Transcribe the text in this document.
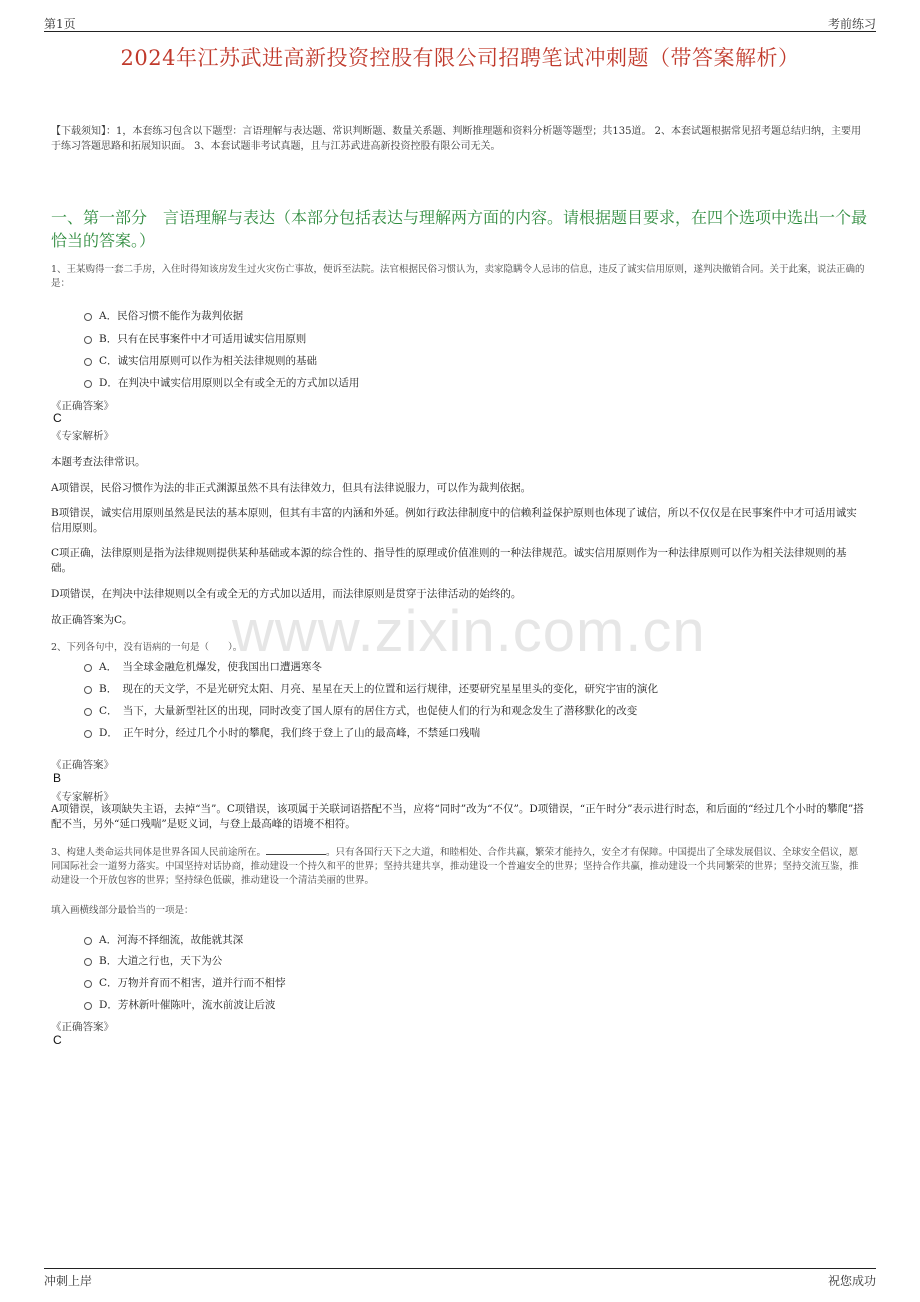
第1页	考前练习
2024年江苏武进高新投资控股有限公司招聘笔试冲刺题（带答案解析）
【下载须知】：1，本套练习包含以下题型：言语理解与表达题、常识判断题、数量关系题、判断推理题和资料分析题等题型；共135道。 2、本套试题根据常见招考题总结归纳，主要用于练习答题思路和拓展知识面。 3、本套试题非考试真题，且与江苏武进高新投资控股有限公司无关。
一、第一部分　言语理解与表达（本部分包括表达与理解两方面的内容。请根据题目要求，在四个选项中选出一个最恰当的答案。）
www.zixin.com.cn
1、王某购得一套二手房，入住时得知该房发生过火灾伤亡事故，便诉至法院。法官根据民俗习惯认为，卖家隐瞒令人忌讳的信息，违反了诚实信用原则，遂判决撤销合同。关于此案，说法正确的是：
A．民俗习惯不能作为裁判依据
B．只有在民事案件中才可适用诚实信用原则
C．诚实信用原则可以作为相关法律规则的基础
D．在判决中诚实信用原则以全有或全无的方式加以适用
《正确答案》
C
《专家解析》
本题考查法律常识。
A项错误，民俗习惯作为法的非正式渊源虽然不具有法律效力，但具有法律说服力，可以作为裁判依据。
B项错误，诚实信用原则虽然是民法的基本原则，但其有丰富的内涵和外延。例如行政法律制度中的信赖利益保护原则也体现了诚信，所以不仅仅是在民事案件中才可适用诚实信用原则。
C项正确，法律原则是指为法律规则提供某种基础或本源的综合性的、指导性的原理或价值准则的一种法律规范。诚实信用原则作为一种法律原则可以作为相关法律规则的基础。
D项错误，在判决中法律规则以全有或全无的方式加以适用，而法律原则是贯穿于法律活动的始终的。
故正确答案为C。
2、下列各句中，没有语病的一句是（　　）。
A．　当全球金融危机爆发，使我国出口遭遇寒冬
B．　现在的天文学，不是光研究太阳、月亮、星星在天上的位置和运行规律，还要研究星星里头的变化，研究宇宙的演化
C．　当下，大量新型社区的出现，同时改变了国人原有的居住方式，也促使人们的行为和观念发生了潜移默化的改变
D．　正午时分，经过几个小时的攀爬，我们终于登上了山的最高峰，不禁延口残喘
《正确答案》
B
《专家解析》
A项错误，该项缺失主语，去掉“当”。C项错误，该项属于关联词语搭配不当，应将“同时”改为“不仅”。D项错误，“正午时分”表示进行时态，和后面的“经过几个小时的攀爬”搭配不当，另外“延口残喘”是贬义词，与登上最高峰的语境不相符。
3、构建人类命运共同体是世界各国人民前途所在。	。只有各国行天下之大道，和睦相处、合作共赢，繁荣才能持久，安全才有保障。中国提出了全球发展倡议、全球安全倡议，愿同国际社会一道努力落实。中国坚持对话协商，推动建设一个持久和平的世界；坚持共建共享，推动建设一个普遍安全的世界；坚持合作共赢，推动建设一个共同繁荣的世界；坚持交流互鉴，推动建设一个开放包容的世界；坚持绿色低碳，推动建设一个清洁美丽的世界。
填入画横线部分最恰当的一项是：
A．河海不择细流，故能就其深
B．大道之行也，天下为公
C．万物并育而不相害，道并行而不相悖
D．芳林新叶催陈叶，流水前波让后波
《正确答案》
C
冲刺上岸	祝您成功
